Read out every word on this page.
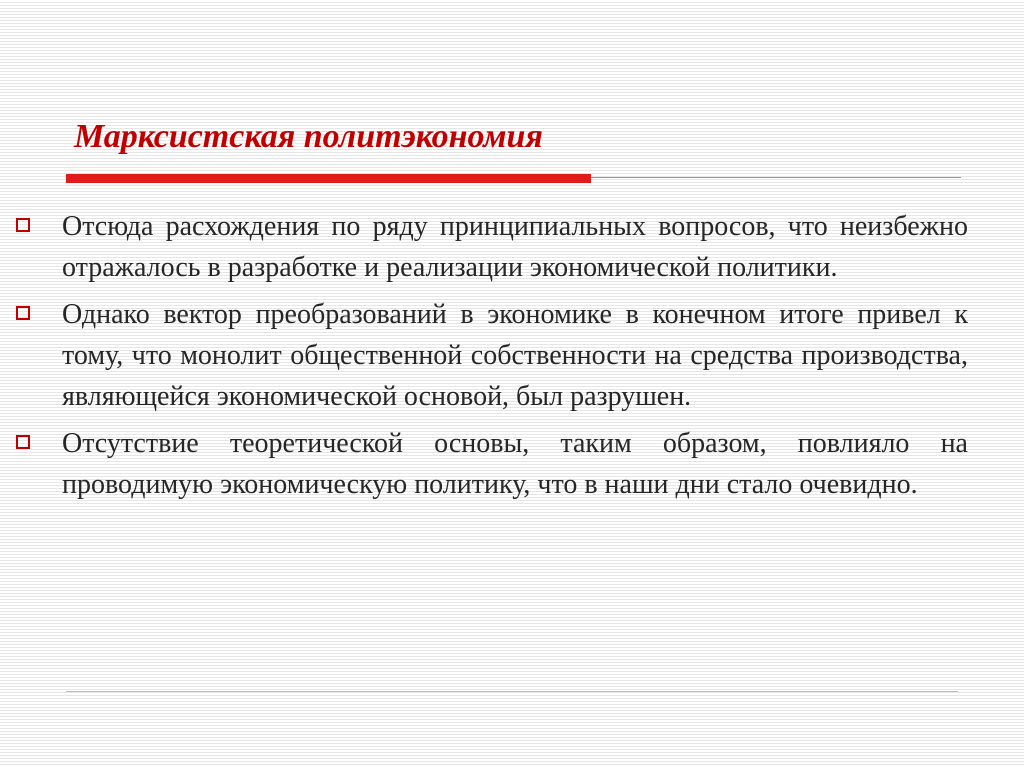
Марксистская политэкономия
Отсюда расхождения по ряду принципиальных вопросов, что неизбежно отражалось в разработке и реализации экономической политики.
Однако вектор преобразований в экономике в конечном итоге привел к тому, что монолит общественной собственности на средства производства, являющейся экономической основой, был разрушен.
Отсутствие теоретической основы, таким образом, повлияло на проводимую экономическую политику, что в наши дни стало очевидно.
